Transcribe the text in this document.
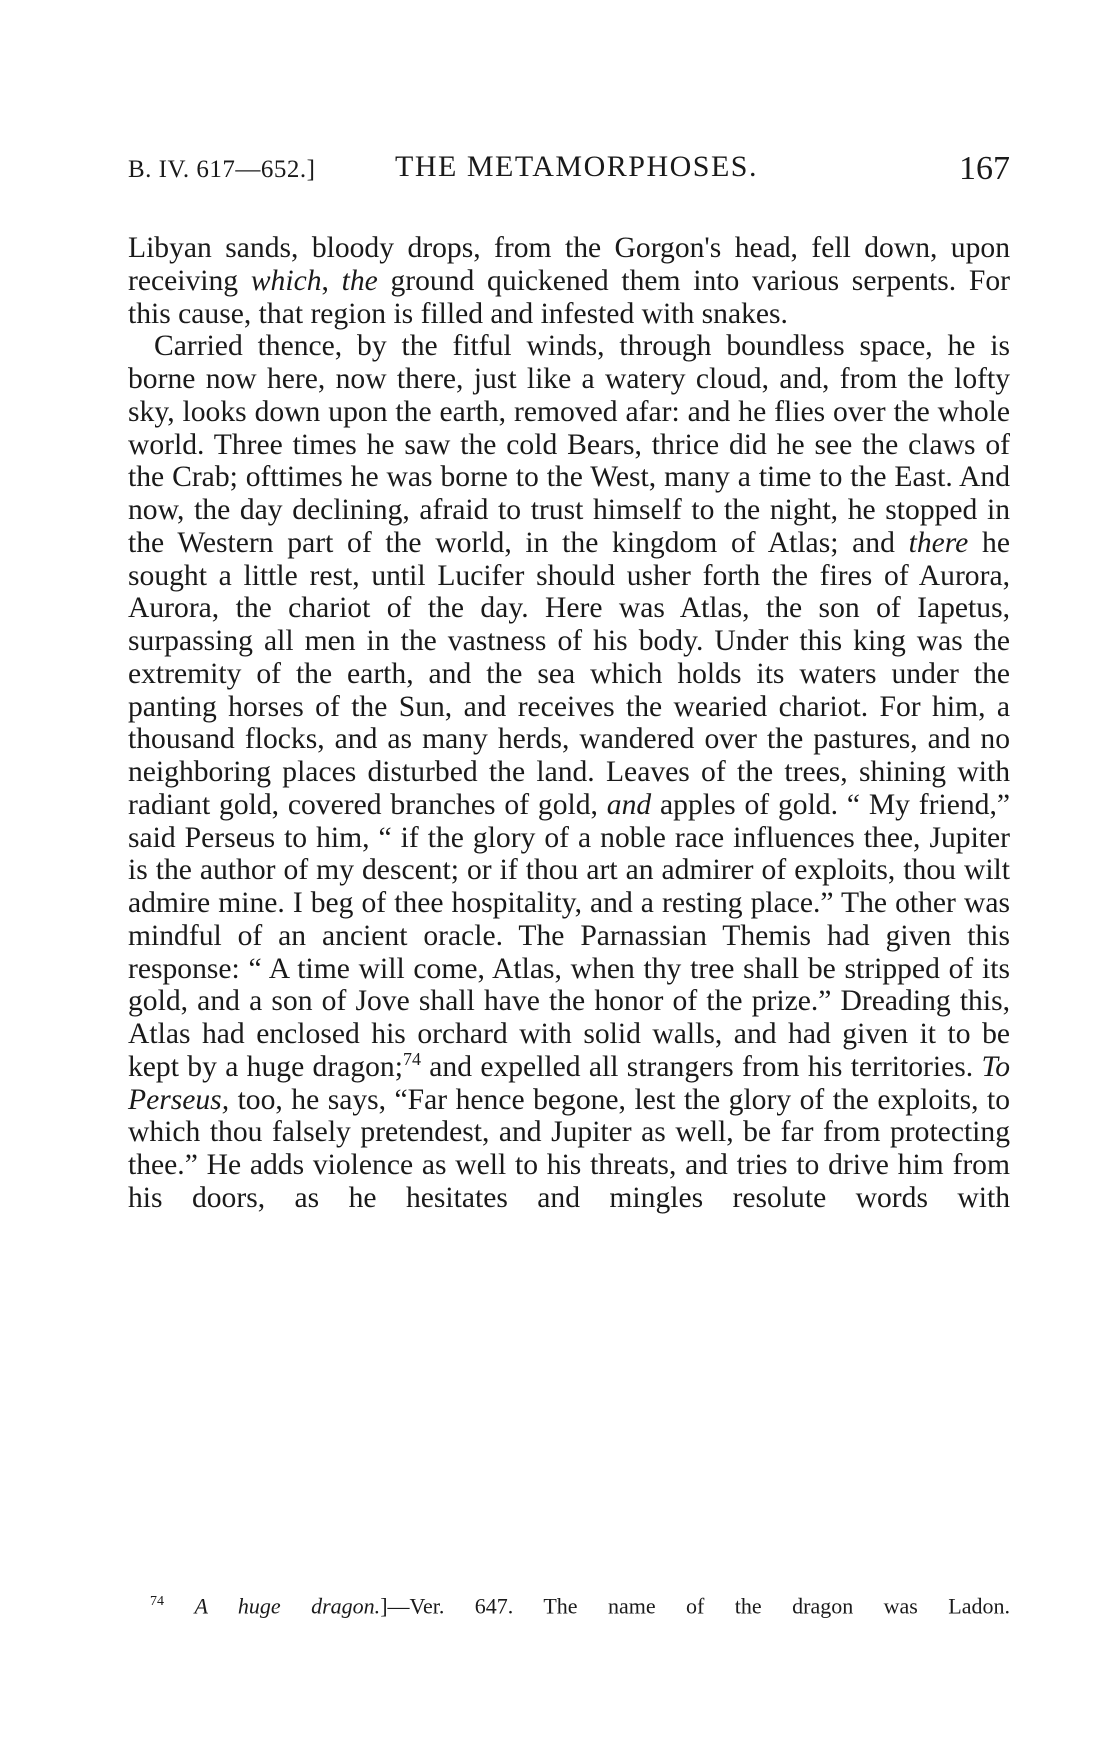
B. IV. 617—652.]	THE METAMORPHOSES.	167

Libyan sands, bloody drops, from the Gorgon's head, fell down, upon receiving which, the ground quickened them into various serpents. For this cause, that region is filled and infested with snakes.

Carried thence, by the fitful winds, through boundless space, he is borne now here, now there, just like a watery cloud, and, from the lofty sky, looks down upon the earth, removed afar: and he flies over the whole world. Three times he saw the cold Bears, thrice did he see the claws of the Crab; ofttimes he was borne to the West, many a time to the East. And now, the day declining, afraid to trust himself to the night, he stopped in the Western part of the world, in the kingdom of Atlas; and there he sought a little rest, until Lucifer should usher forth the fires of Aurora, Aurora, the chariot of the day. Here was Atlas, the son of Iapetus, surpassing all men in the vastness of his body. Under this king was the extremity of the earth, and the sea which holds its waters under the panting horses of the Sun, and receives the wearied chariot. For him, a thousand flocks, and as many herds, wandered over the pastures, and no neighboring places disturbed the land. Leaves of the trees, shining with radiant gold, covered branches of gold, and apples of gold. “ My friend,” said Perseus to him, “ if the glory of a noble race influences thee, Jupiter is the author of my descent; or if thou art an admirer of exploits, thou wilt admire mine. I beg of thee hospitality, and a resting place.” The other was mindful of an ancient oracle. The Parnassian Themis had given this response: “ A time will come, Atlas, when thy tree shall be stripped of its gold, and a son of Jove shall have the honor of the prize.” Dreading this, Atlas had enclosed his orchard with solid walls, and had given it to be kept by a huge dragon;$^{74}$ and expelled all strangers from his territories. To Perseus, too, he says, “Far hence begone, lest the glory of the exploits, to which thou falsely pretendest, and Jupiter as well, be far from protecting thee.” He adds violence as well to his threats, and tries to drive him from his doors, as he hesitates and mingles resolute words with

$^{74}$ A huge dragon.]—Ver. 647. The name of the dragon was Ladon.
